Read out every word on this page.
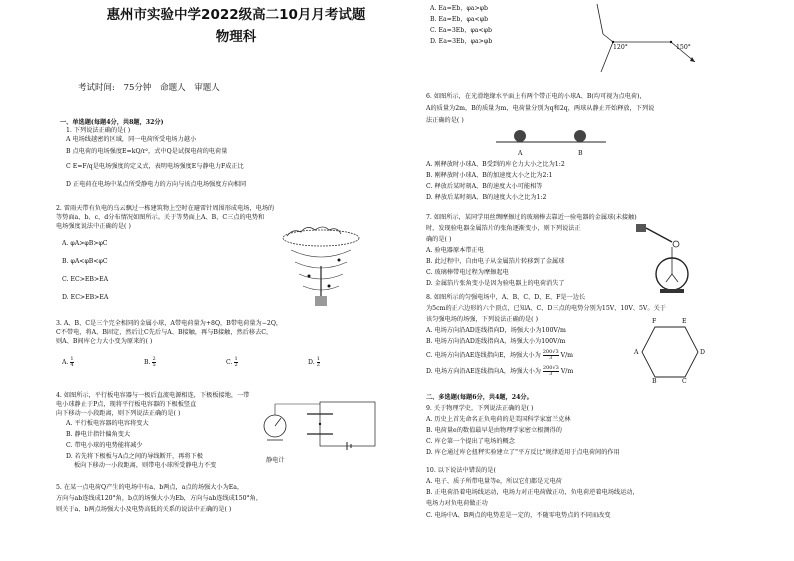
惠州市实验中学2022级高二10月月考试题
物理科
考试时间: 75分钟 命题人 审题人
一、单选题(每题4分，共8题，32分)
1. 下列说法正确的是( )
A 电场线越密的区域，同一电荷所受电场力越小
B 点电荷的电场强度E=kQ/r²，式中Q是试探电荷的电荷量
C E=F/q是电场强度的定义式，表明电场强度E与静电力F成正比
D 正电荷在电场中某点所受静电力的方向与该点电场强度方向相同
2. 雷雨天带有负电的乌云飘过一栋建筑物上空时在避雷针周围形成电场，电场的
等势面a、b、c、d分布情况如图所示。关于等势面上A、B、C三点的电势和
电场强度说法中正确的是( )
A. φA>φB>φC
B. φA<φB<φC
C. EC>EB>EA
D. EC>EB>EA
3. A、B、C是三个完全相同的金属小球，A带电荷量为+8Q，B带电荷量为−2Q，
C不带电，将A、B固定，然后让C先后与A、B接触，再与B接触，然后移去C，
则A、B间库仑力大小变为原来的( )
A. $\frac{1}{4}$	B. $\frac{2}{5}$	C. $\frac{1}{2}$	D. $\frac{1}{2}$
4. 如图所示，平行板电容器与一极后直流电源相连，下极板接地，一带
电小球静止于P点，现将平行板电容器的下极板竖直
向下移动一小段距离，则下列说法正确的是( )
A. 平行板电容器的电容将变大
B. 静电计指针偏角变大
C. 带电小球的电势能将减少
D. 若先将下极板与A点之间的导线断开，再将下极
板向下移动一小段距离，则带电小球所受静电力不变
静电计
5. 在某一点电荷Q产生的电场中有a、b两点，a点的场强大小为Ea，
方向与ab连线成120°角，b点的场强大小为Eb，方向与ab连线成150°角，
则关于a、b两点场强大小及电势高低的关系的说法中正确的是( )
A. Ea=Eb，φa>φb
B. Ea=Eb，φa<φb
C. Ea=3Eb，φa<φb
D. Ea=3Eb，φa>φb
120°	150°
6. 如图所示，在光滑绝缘水平面上有两个带正电的小球A、B(均可视为点电荷)，
A的质量为2m，B的质量为m，电荷量分别为q和2q，两球从静止开始释放，下列说
法正确的是( )
A	B
A. 刚释放时小球A、B受到的库仑力大小之比为1:2
B. 刚释放时小球A、B的加速度大小之比为2:1
C. 释放后某时刻A、B的速度大小可能相等
D. 释放后某时刻A、B的速度大小之比为1:2
7. 如图所示，某同学用丝绸摩擦过的玻璃棒去靠近一验电器的金属球(未接触)
时，发现验电器金属箔片的张角逐渐变小，则下列说法正
确的是( )
A. 验电器原本带正电
B. 此过程中，自由电子从金属箔片转移到了金属球
C. 玻璃棒带电过程为摩擦起电
D. 金属箔片张角变小是因为验电器上的电荷消失了
8. 如图所示的匀强电场中，A、B、C、D、E、F是一边长
为5cm的正六边形的六个顶点，已知A、C、D三点的电势分别为15V、10V、5V。关于
该匀强电场的场强，下列说法正确的是( )
A. 电场方向沿AD连线指向D，场强大小为100V/m
B. 电场方向沿AD连线指向A，场强大小为100V/m
C. 电场方向沿AE连线指向E，场强大小为 $\frac{200√3}{3} V/m$
D. 电场方向沿AE连线指向A，场强大小为 $\frac{200√3}{3} V/m$
A
B	C
D
E
F
二、多选题(每题6分，共4题，24分。
9. 关于物理学史，下列说法正确的是( )
A. 历史上首先命名正负电荷的是美国科学家富兰克林
B. 电荷量e的数值最早是由物理学家密立根测得的
C. 库仑第一个提出了电场的概念
D. 库仑通过库仑扭秤实验建立了"平方反比"规律适用于点电荷间的作用
10. 以下说法中错误的是(
A. 电子、质子所带电量等e，所以它们都是元电荷
B. 正电荷沿着电场线运动，电场力对正电荷做正功，负电荷逆着电场线运动，
电场力对负电荷做正功
C. 电场中A、B两点的电势差是一定的，不随零电势点的不同而改变
